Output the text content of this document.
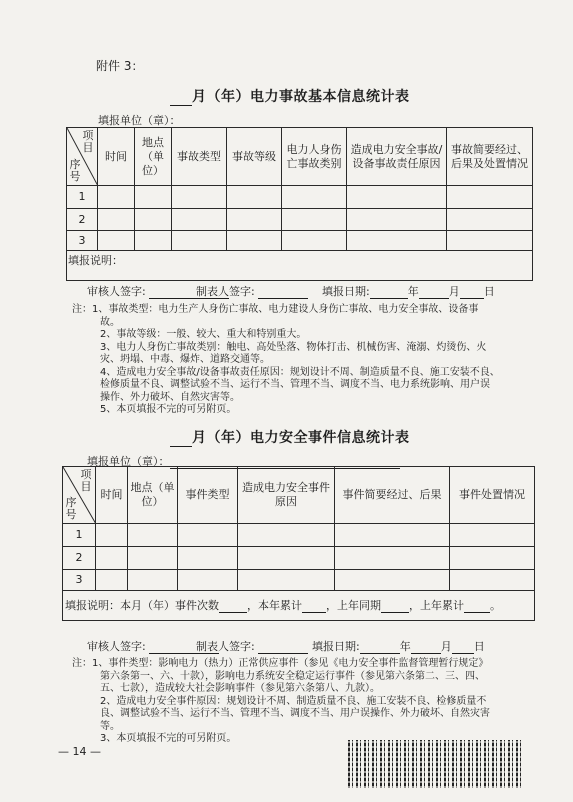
附件 3：
月（年）电力事故基本信息统计表
填报单位（章）：
项目
序号	时间	地点（单位）	事故类型	事故等级	电力人身伤亡事故类别	造成电力安全事故/设备事故责任原因	事故简要经过、后果及处置情况
1							
2							
3							
填报说明：							
审核人签字:	制表人签字:	填报日期:	年	月 日
注：1、事故类型：电力生产人身伤亡事故、电力建设人身伤亡事故、电力安全事故、设备事
故。
2、事故等级：一般、较大、重大和特别重大。
3、电力人身伤亡事故类别：触电、高处坠落、物体打击、机械伤害、淹溺、灼烫伤、火
灾、坍塌、中毒、爆炸、道路交通等。
4、造成电力安全事故/设备事故责任原因：规划设计不周、制造质量不良、施工安装不良、
检修质量不良、调整试验不当、运行不当、管理不当、调度不当、电力系统影响、用户误
操作、外力破坏、自然灾害等。
5、本页填报不完的可另附页。
月（年）电力安全事件信息统计表
填报单位（章）：
项目
序号	时间	地点（单位）	事件类型	造成电力安全事件原因	事件简要经过、后果	事件处置情况
1						
2						
3						
填报说明：本月（年）事件次数 ，本年累计 ，上年同期 ，上年累计 。						
审核人签字:	制表人签字:	填报日期:	年	月 日
注：1、事件类型：影响电力（热力）正常供应事件（参见《电力安全事件监督管理暂行规定》
第六条第一、六、十款），影响电力系统安全稳定运行事件（参见第六条第二、三、四、
五、七款），造成较大社会影响事件（参见第六条第八、九款）。
2、造成电力安全事件原因：规划设计不周、制造质量不良、施工安装不良、检修质量不
良、调整试验不当、运行不当、管理不当、调度不当、用户误操作、外力破坏、自然灾害
等。
3、本页填报不完的可另附页。
— 14 —
